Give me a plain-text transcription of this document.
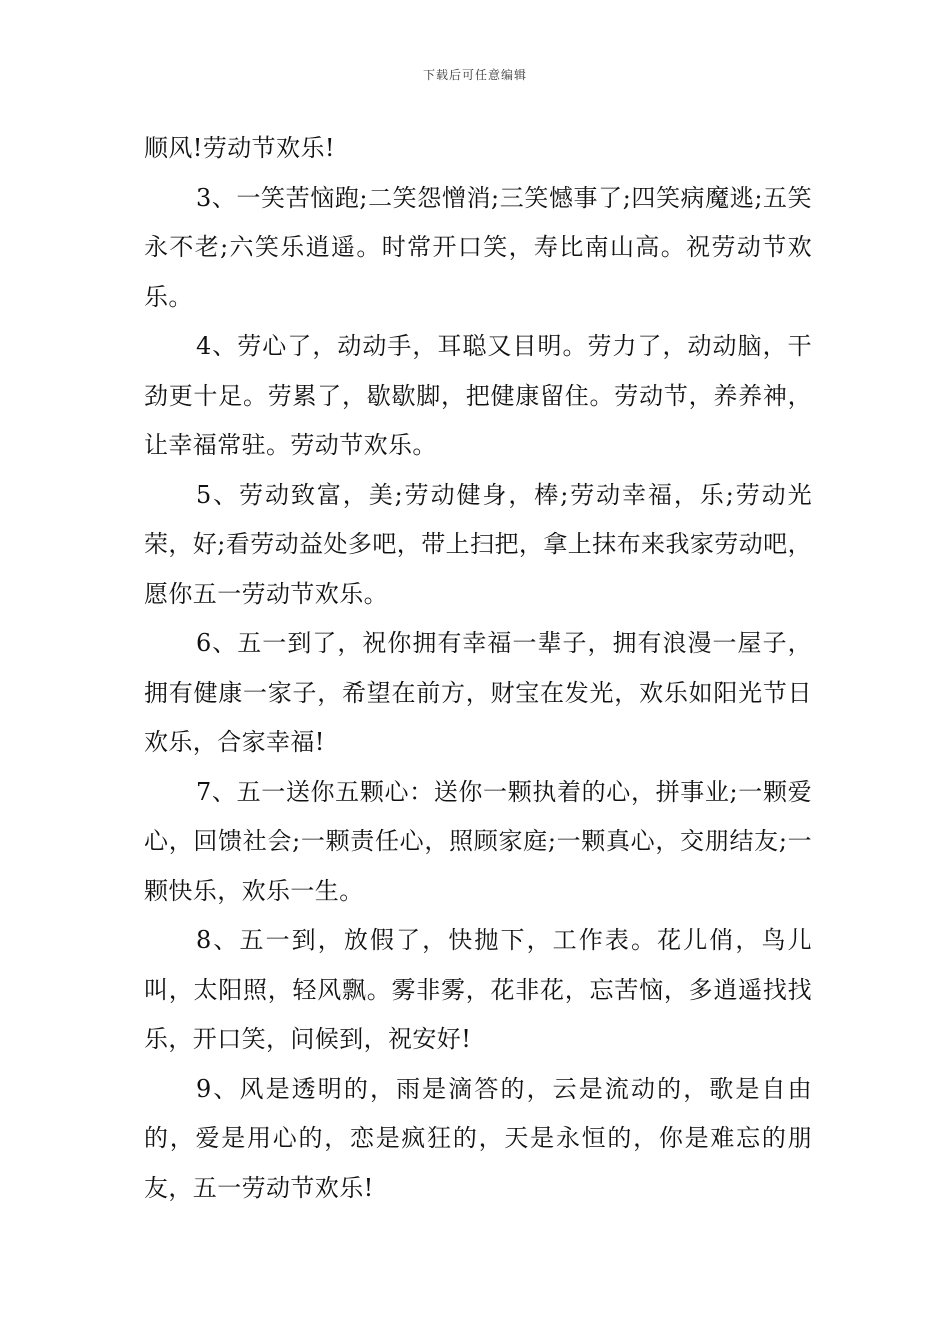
下载后可任意编辑

顺风!劳动节欢乐!

3、一笑苦恼跑;二笑怨憎消;三笑憾事了;四笑病魔逃;五笑永不老;六笑乐逍遥。时常开口笑，寿比南山高。祝劳动节欢乐。

4、劳心了，动动手，耳聪又目明。劳力了，动动脑，干劲更十足。劳累了，歇歇脚，把健康留住。劳动节，养养神，让幸福常驻。劳动节欢乐。

5、劳动致富，美;劳动健身，棒;劳动幸福，乐;劳动光荣，好;看劳动益处多吧，带上扫把，拿上抹布来我家劳动吧，愿你五一劳动节欢乐。

6、五一到了，祝你拥有幸福一辈子，拥有浪漫一屋子，拥有健康一家子，希望在前方，财宝在发光，欢乐如阳光节日欢乐，合家幸福!

7、五一送你五颗心：送你一颗执着的心，拼事业;一颗爱心，回馈社会;一颗责任心，照顾家庭;一颗真心，交朋结友;一颗快乐，欢乐一生。

8、五一到，放假了，快抛下，工作表。花儿俏，鸟儿叫，太阳照，轻风飘。雾非雾，花非花，忘苦恼，多逍遥找找乐，开口笑，问候到，祝安好!

9、风是透明的，雨是滴答的，云是流动的，歌是自由的，爱是用心的，恋是疯狂的，天是永恒的，你是难忘的朋友，五一劳动节欢乐!
